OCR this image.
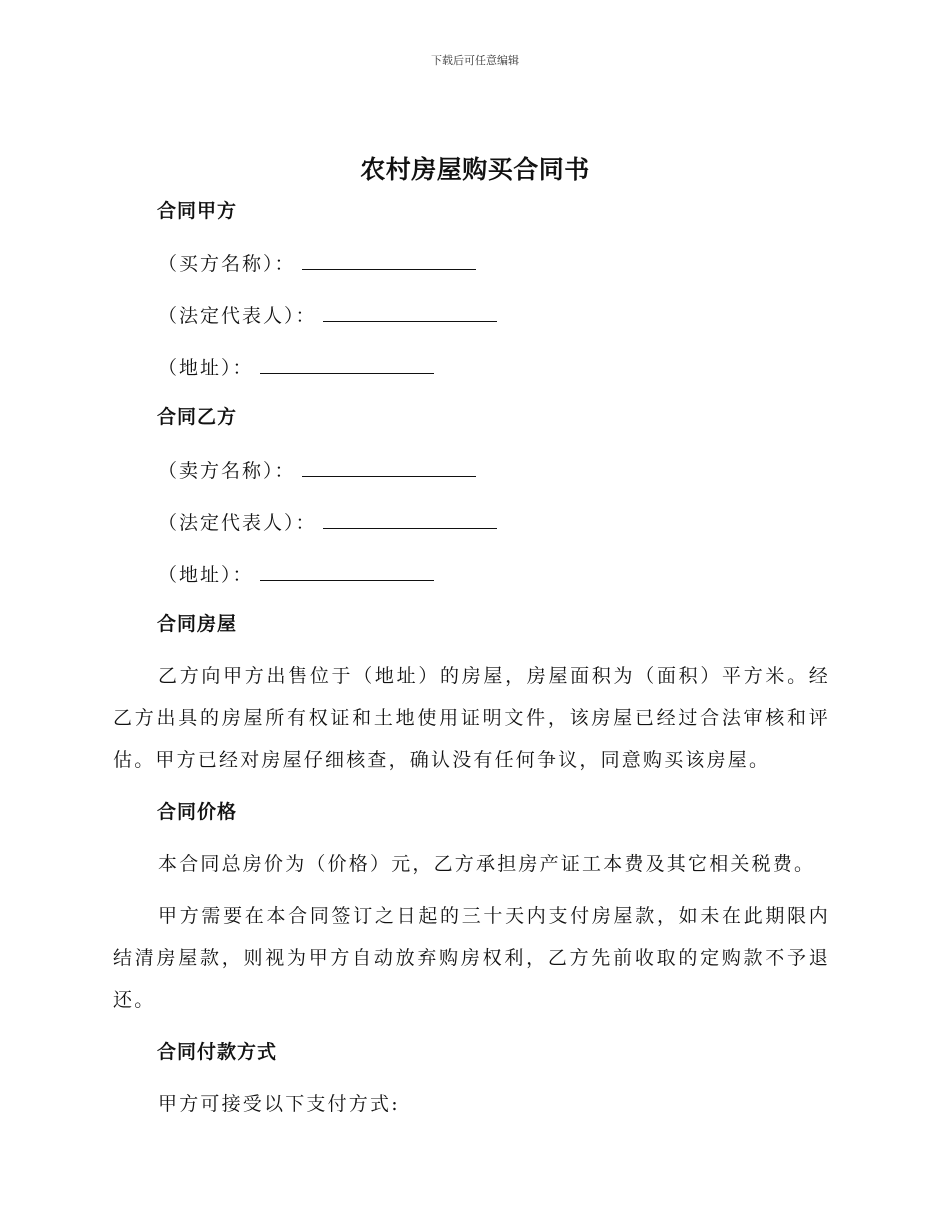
下载后可任意编辑
农村房屋购买合同书
合同甲方
（买方名称）：
（法定代表人）：
（地址）：
合同乙方
（卖方名称）：
（法定代表人）：
（地址）：
合同房屋
乙方向甲方出售位于（地址）的房屋，房屋面积为（面积）平方米。经乙方出具的房屋所有权证和土地使用证明文件，该房屋已经过合法审核和评估。甲方已经对房屋仔细核查，确认没有任何争议，同意购买该房屋。
合同价格
本合同总房价为（价格）元，乙方承担房产证工本费及其它相关税费。
甲方需要在本合同签订之日起的三十天内支付房屋款，如未在此期限内结清房屋款，则视为甲方自动放弃购房权利，乙方先前收取的定购款不予退还。
合同付款方式
甲方可接受以下支付方式:
